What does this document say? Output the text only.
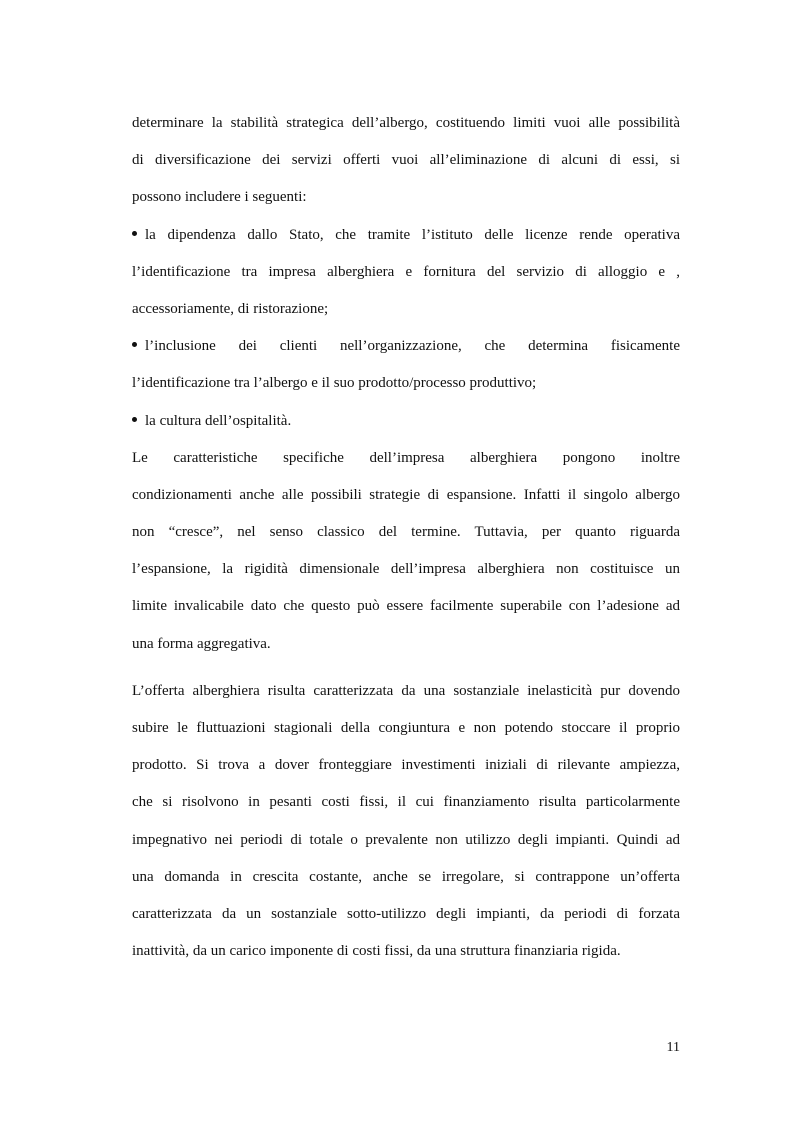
determinare la stabilità strategica dell’albergo, costituendo limiti vuoi alle possibilità
di diversificazione dei servizi offerti vuoi all’eliminazione di alcuni di essi, si
possono includere i seguenti:
la dipendenza dallo Stato, che tramite l’istituto delle licenze rende operativa
l’identificazione tra impresa alberghiera e fornitura del servizio di alloggio e ,
accessoriamente, di ristorazione;
l’inclusione dei clienti nell’organizzazione, che determina fisicamente
l’identificazione tra l’albergo e il suo prodotto/processo produttivo;
la cultura dell’ospitalità.
Le caratteristiche specifiche dell’impresa alberghiera pongono inoltre
condizionamenti anche alle possibili strategie di espansione. Infatti il singolo albergo
non “cresce”, nel senso classico del termine. Tuttavia, per quanto riguarda
l’espansione, la rigidità dimensionale dell’impresa alberghiera non costituisce un
limite invalicabile dato che questo può essere facilmente superabile con l’adesione ad
una forma aggregativa.
L’offerta alberghiera risulta caratterizzata da una sostanziale inelasticità pur dovendo
subire le fluttuazioni stagionali della congiuntura e non potendo stoccare il proprio
prodotto. Si trova a dover fronteggiare investimenti iniziali di rilevante ampiezza,
che si risolvono in pesanti costi fissi, il cui finanziamento risulta particolarmente
impegnativo nei periodi di totale o prevalente non utilizzo degli impianti. Quindi ad
una domanda in crescita costante, anche se irregolare, si contrappone un’offerta
caratterizzata da un sostanziale sotto-utilizzo degli impianti, da periodi di forzata
inattività, da un carico imponente di costi fissi, da una struttura finanziaria rigida.
11
